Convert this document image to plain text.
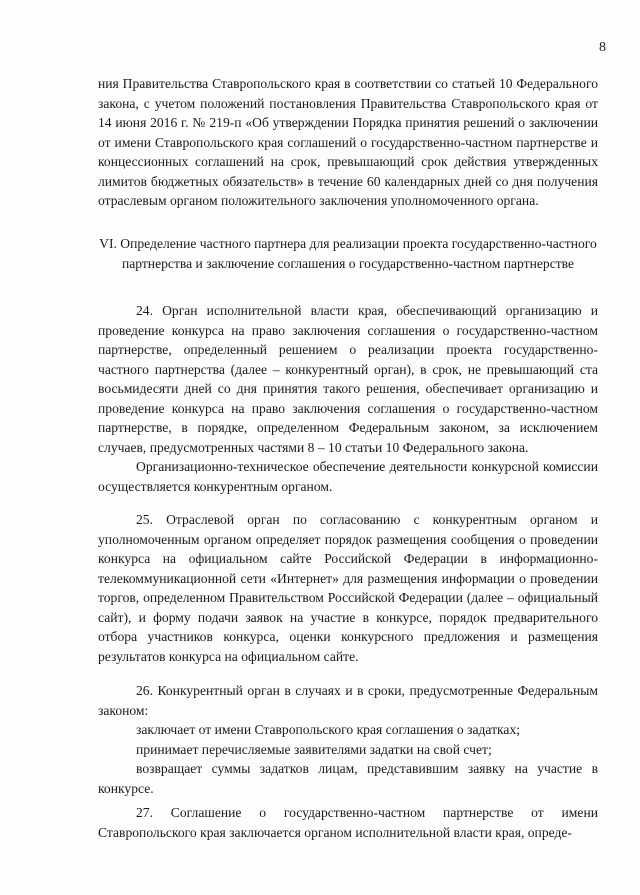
8

ния Правительства Ставропольского края в соответствии со статьей 10 Федерального закона, с учетом положений постановления Правительства Ставропольского края от 14 июня 2016 г. № 219-п «Об утверждении Порядка принятия решений о заключении от имени Ставропольского края соглашений о государственно-частном партнерстве и концессионных соглашений на срок, превышающий срок действия утвержденных лимитов бюджетных обязательств» в течение 60 календарных дней со дня получения отраслевым органом положительного заключения уполномоченного органа.

VI. Определение частного партнера для реализации проекта государственно-частного партнерства и заключение соглашения о государственно-частном партнерстве

24. Орган исполнительной власти края, обеспечивающий организацию и проведение конкурса на право заключения соглашения о государственно-частном партнерстве, определенный решением о реализации проекта государственно-частного партнерства (далее – конкурентный орган), в срок, не превышающий ста восьмидесяти дней со дня принятия такого решения, обеспечивает организацию и проведение конкурса на право заключения соглашения о государственно-частном партнерстве, в порядке, определенном Федеральным законом, за исключением случаев, предусмотренных частями 8 – 10 статьи 10 Федерального закона.

Организационно-техническое обеспечение деятельности конкурсной комиссии осуществляется конкурентным органом.

25. Отраслевой орган по согласованию с конкурентным органом и уполномоченным органом определяет порядок размещения сообщения о проведении конкурса на официальном сайте Российской Федерации в информационно-телекоммуникационной сети «Интернет» для размещения информации о проведении торгов, определенном Правительством Российской Федерации (далее – официальный сайт), и форму подачи заявок на участие в конкурсе, порядок предварительного отбора участников конкурса, оценки конкурсного предложения и размещения результатов конкурса на официальном сайте.

26. Конкурентный орган в случаях и в сроки, предусмотренные Федеральным законом:

заключает от имени Ставропольского края соглашения о задатках;

принимает перечисляемые заявителями задатки на свой счет;

возвращает суммы задатков лицам, представившим заявку на участие в конкурсе.

27. Соглашение о государственно-частном партнерстве от имени Ставропольского края заключается органом исполнительной власти края, опреде-
